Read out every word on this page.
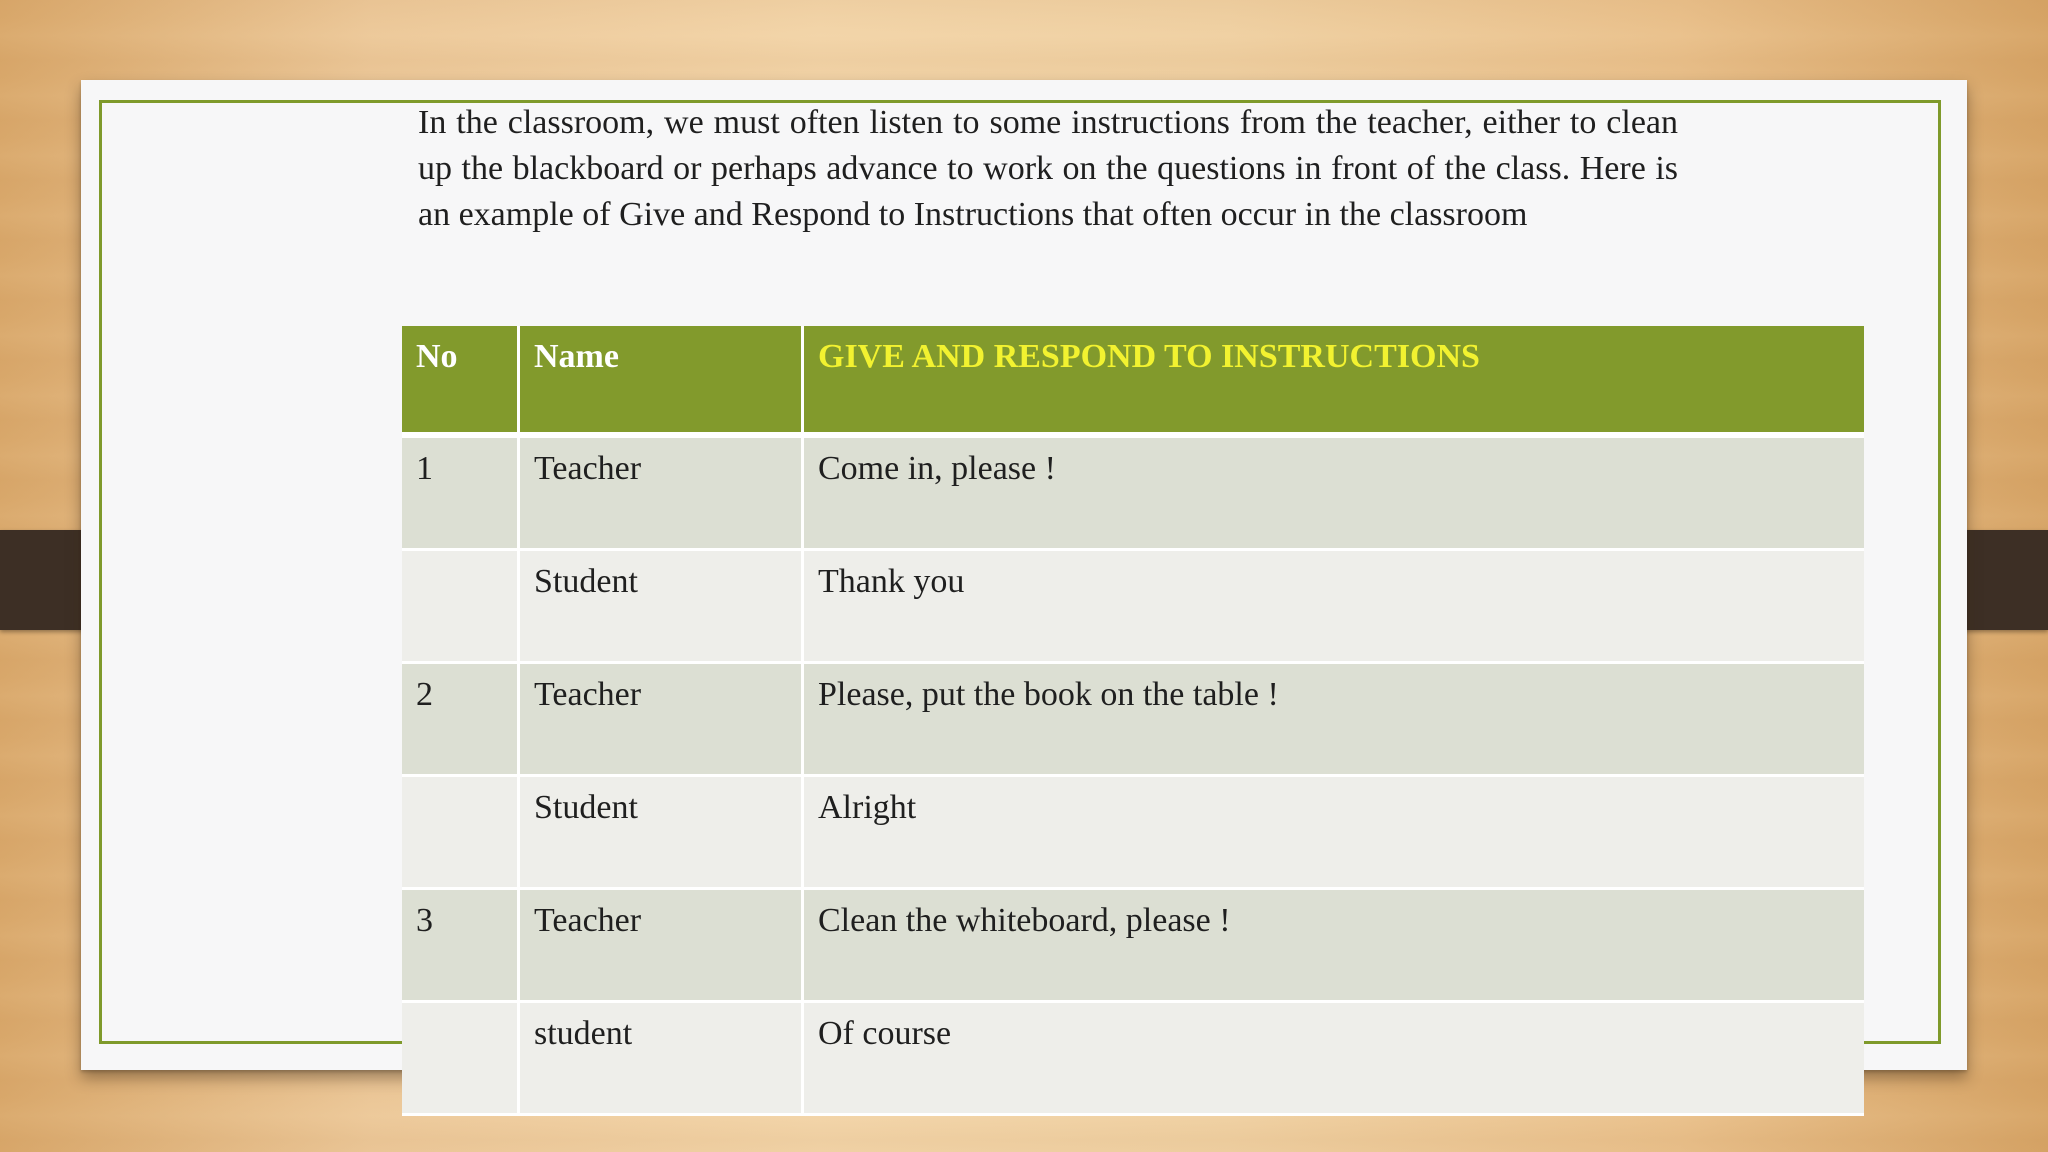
In the classroom, we must often listen to some instructions from the teacher, either to clean up the blackboard or perhaps advance to work on the questions in front of the class. Here is an example of Give and Respond to Instructions that often occur in the classroom

No	Name	GIVE AND RESPOND TO INSTRUCTIONS
1	Teacher	Come in, please !
	Student	Thank you
2	Teacher	Please, put the book on the table !
	Student	Alright
3	Teacher	Clean the whiteboard, please !
	student	Of course
